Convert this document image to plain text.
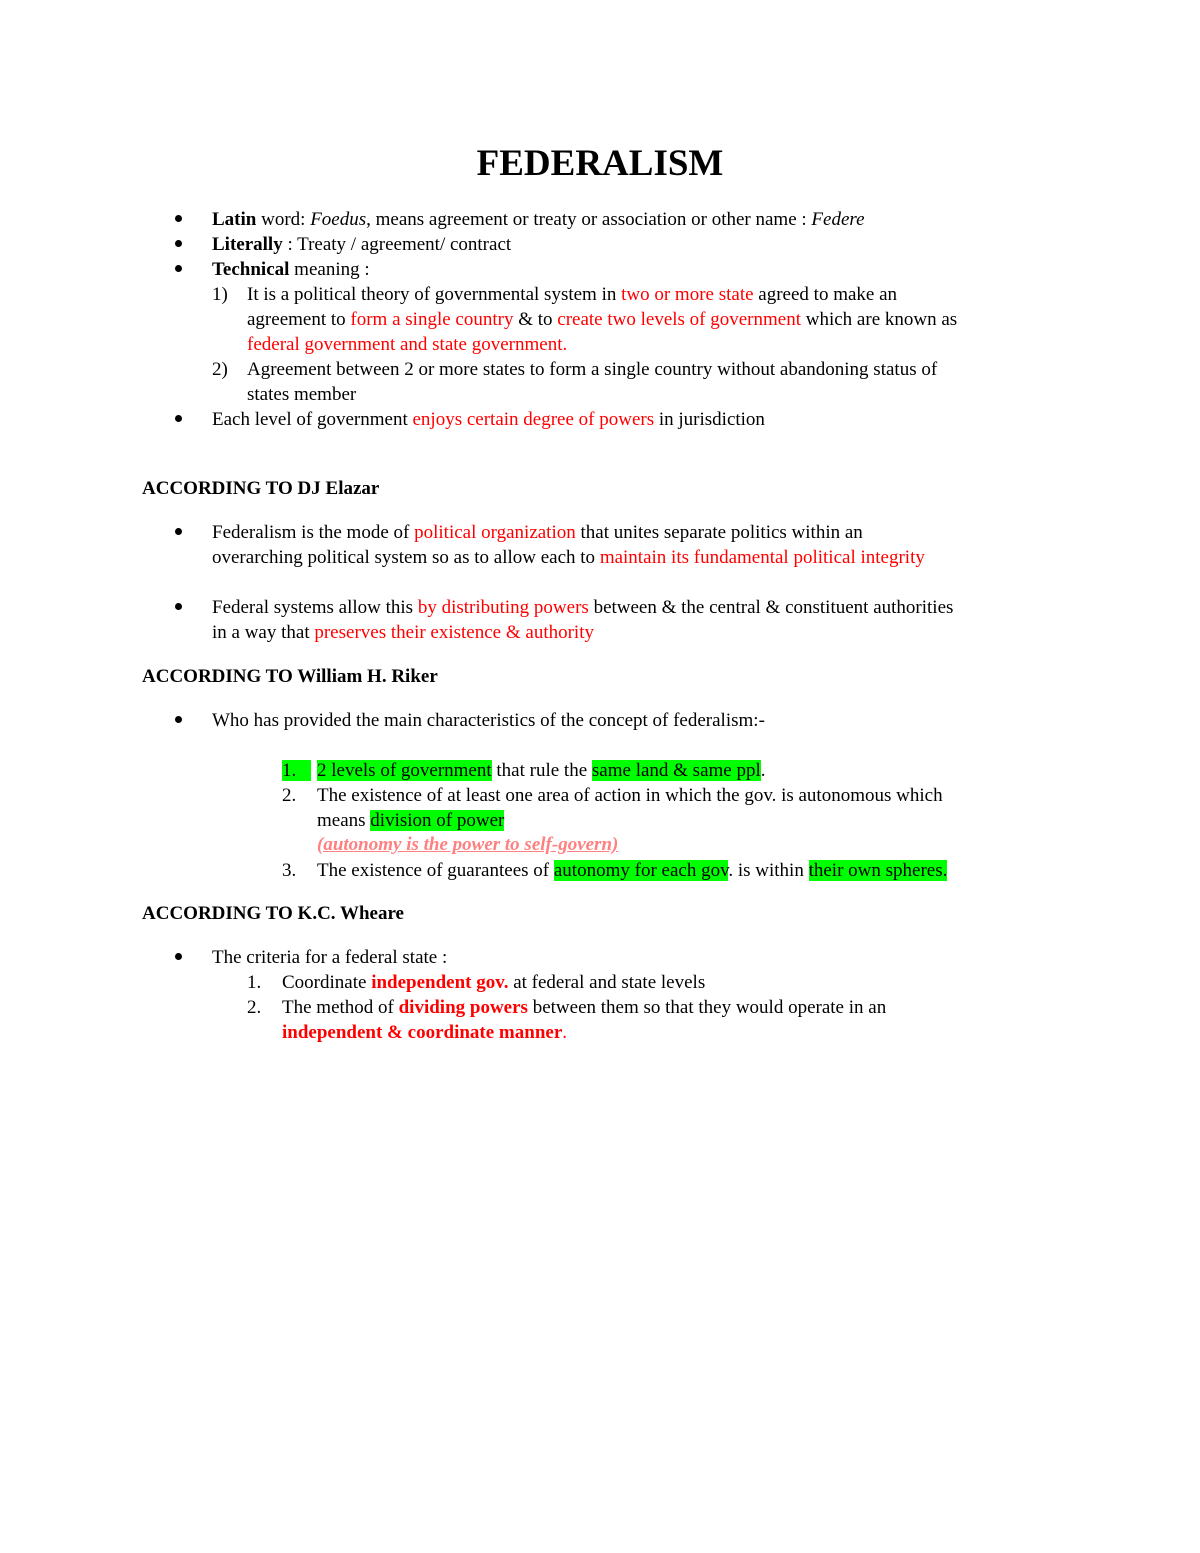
FEDERALISM
Latin word: Foedus, means agreement or treaty or association or other name : Federe
Literally : Treaty / agreement/ contract
Technical meaning :
1) It is a political theory of governmental system in two or more state agreed to make an
agreement to form a single country & to create two levels of government which are known as
federal government and state government.
2) Agreement between 2 or more states to form a single country without abandoning status of
states member
Each level of government enjoys certain degree of powers in jurisdiction
ACCORDING TO DJ Elazar
Federalism is the mode of political organization that unites separate politics within an
overarching political system so as to allow each to maintain its fundamental political integrity
Federal systems allow this by distributing powers between & the central & constituent authorities
in a way that preserves their existence & authority
ACCORDING TO William H. Riker
Who has provided the main characteristics of the concept of federalism:-
1.	2 levels of government that rule the same land & same ppl.
2. The existence of at least one area of action in which the gov. is autonomous which
means division of power
(autonomy is the power to self-govern)
3. The existence of guarantees of autonomy for each gov. is within their own spheres.
ACCORDING TO K.C. Wheare
The criteria for a federal state :
1. Coordinate independent gov. at federal and state levels
2. The method of dividing powers between them so that they would operate in an
independent & coordinate manner.
